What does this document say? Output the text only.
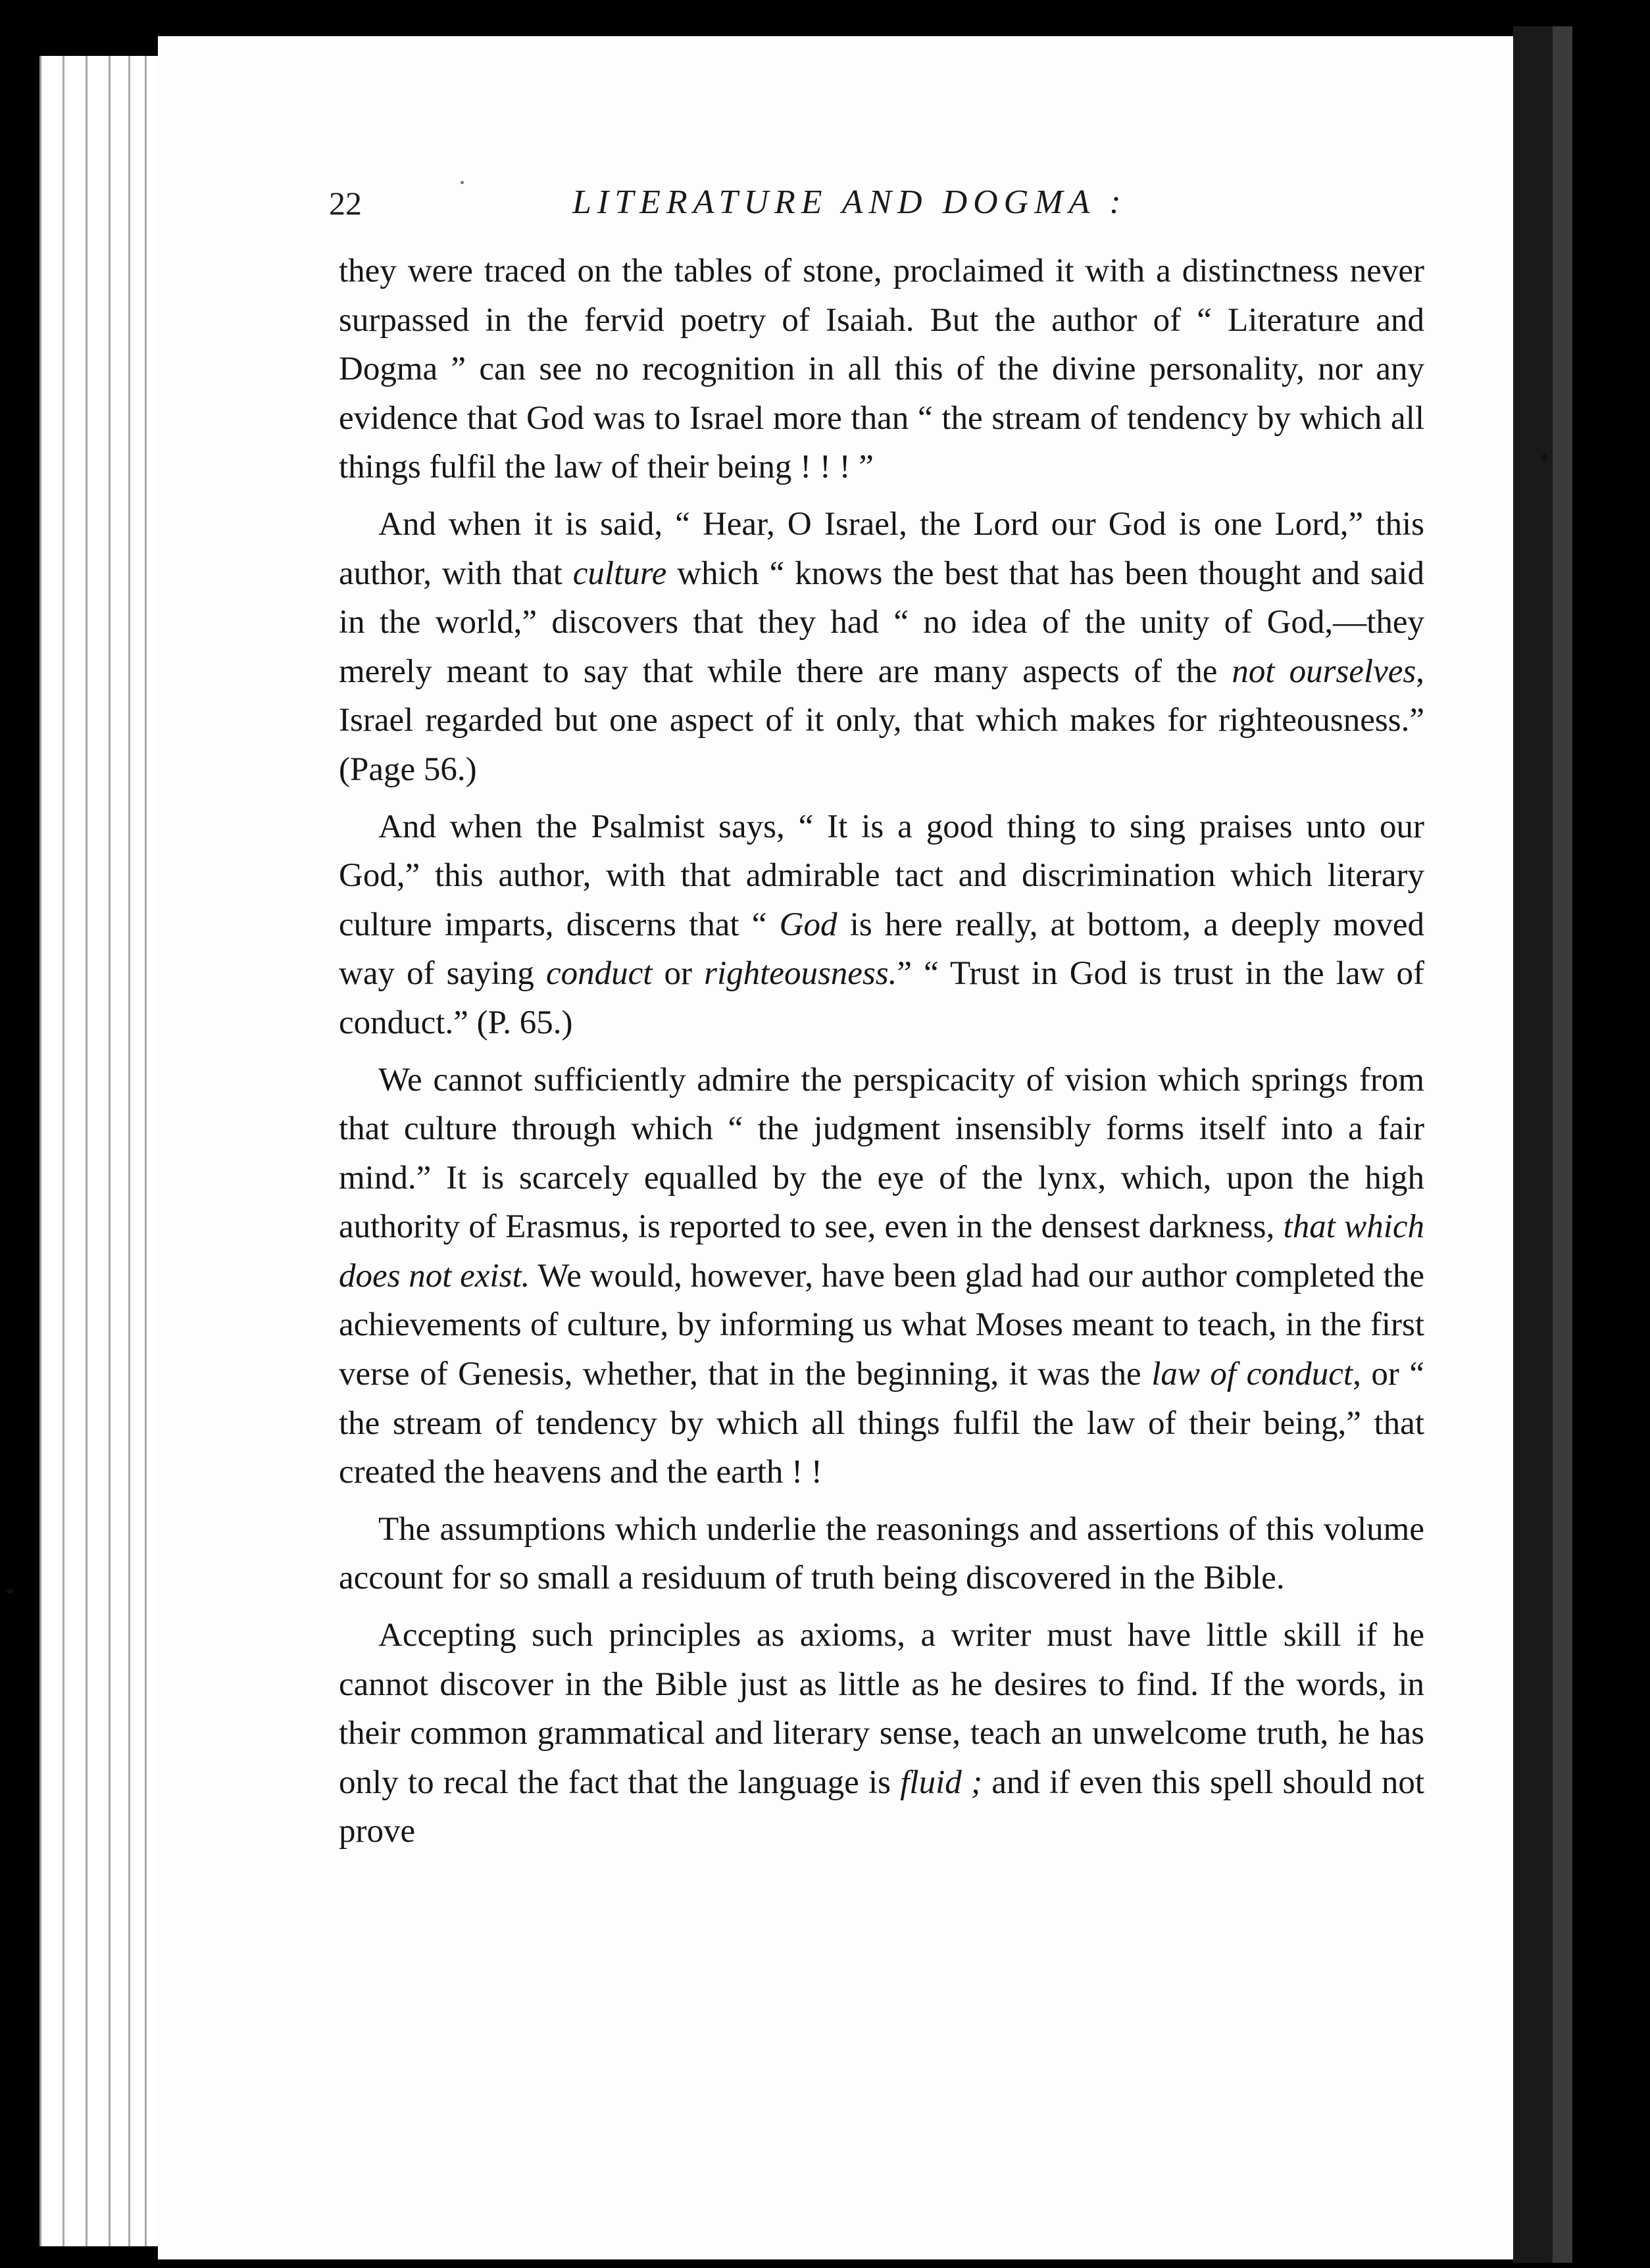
22	LITERATURE AND DOGMA :

they were traced on the tables of stone, proclaimed it with a distinctness never surpassed in the fervid poetry of Isaiah. But the author of “ Literature and Dogma ” can see no recognition in all this of the divine personality, nor any evidence that God was to Israel more than “ the stream of tendency by which all things fulfil the law of their being ! ! ! ”

And when it is said, “ Hear, O Israel, the Lord our God is one Lord,” this author, with that culture which “ knows the best that has been thought and said in the world,” discovers that they had “ no idea of the unity of God,—they merely meant to say that while there are many aspects of the not ourselves, Israel regarded but one aspect of it only, that which makes for righteousness.” (Page 56.)

And when the Psalmist says, “ It is a good thing to sing praises unto our God,” this author, with that admirable tact and discrimination which literary culture imparts, discerns that “ God is here really, at bottom, a deeply moved way of saying conduct or righteousness.” “ Trust in God is trust in the law of conduct.” (P. 65.)

We cannot sufficiently admire the perspicacity of vision which springs from that culture through which “ the judgment insensibly forms itself into a fair mind.” It is scarcely equalled by the eye of the lynx, which, upon the high authority of Erasmus, is reported to see, even in the densest darkness, that which does not exist. We would, however, have been glad had our author completed the achievements of culture, by informing us what Moses meant to teach, in the first verse of Genesis, whether, that in the beginning, it was the law of conduct, or “ the stream of tendency by which all things fulfil the law of their being,” that created the heavens and the earth ! !

The assumptions which underlie the reasonings and assertions of this volume account for so small a residuum of truth being discovered in the Bible.

Accepting such principles as axioms, a writer must have little skill if he cannot discover in the Bible just as little as he desires to find. If the words, in their common grammatical and literary sense, teach an unwelcome truth, he has only to recal the fact that the language is fluid ; and if even this spell should not prove
